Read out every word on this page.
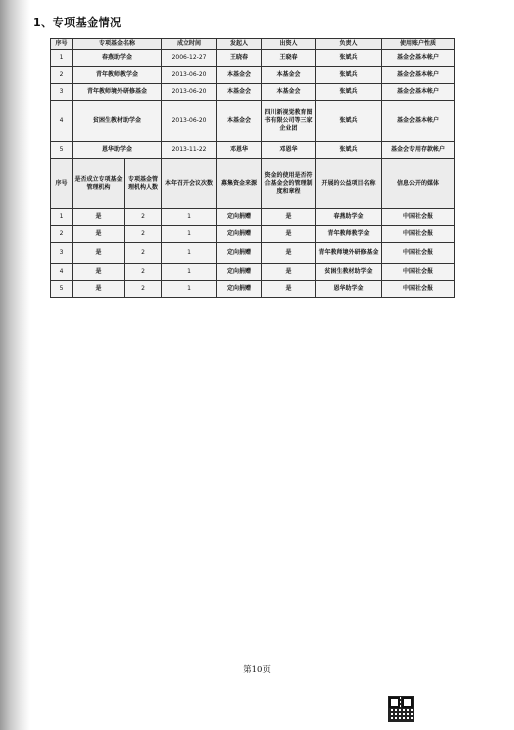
1、专项基金情况
序号	专项基金名称		成立时间	发起人	出资人	负责人	使用账户性质
1	春燕助学金		2006-12-27	王晓春	王晓春	张斌兵	基金会基本帐户
2	青年教师教学金		2013-06-20	本基金会	本基金会	张斌兵	基金会基本帐户
3	青年教师境外研修基金		2013-06-20	本基金会	本基金会	张斌兵	基金会基本帐户
4	贫困生教材助学金		2013-06-20	本基金会	四川新视觉教育图书有限公司等三家企业团	张斌兵	基金会基本帐户
5	恩华助学金		2013-11-22	邓恩华	邓恩华	张斌兵	基金会专用存款帐户
序号	是否成立专项基金管理机构	专项基金管理机构人数	本年召开会议次数	募集资金来源	资金的使用是否符合基金会的管理制度和章程	开展的公益项目名称	信息公开的媒体
1	是	2	1	定向捐赠	是	春燕助学金	中国社会报
2	是	2	1	定向捐赠	是	青年教师教学金	中国社会报
3	是	2	1	定向捐赠	是	青年教师境外研修基金	中国社会报
4	是	2	1	定向捐赠	是	贫困生教材助学金	中国社会报
5	是	2	1	定向捐赠	是	恩华助学金	中国社会报
第10页
